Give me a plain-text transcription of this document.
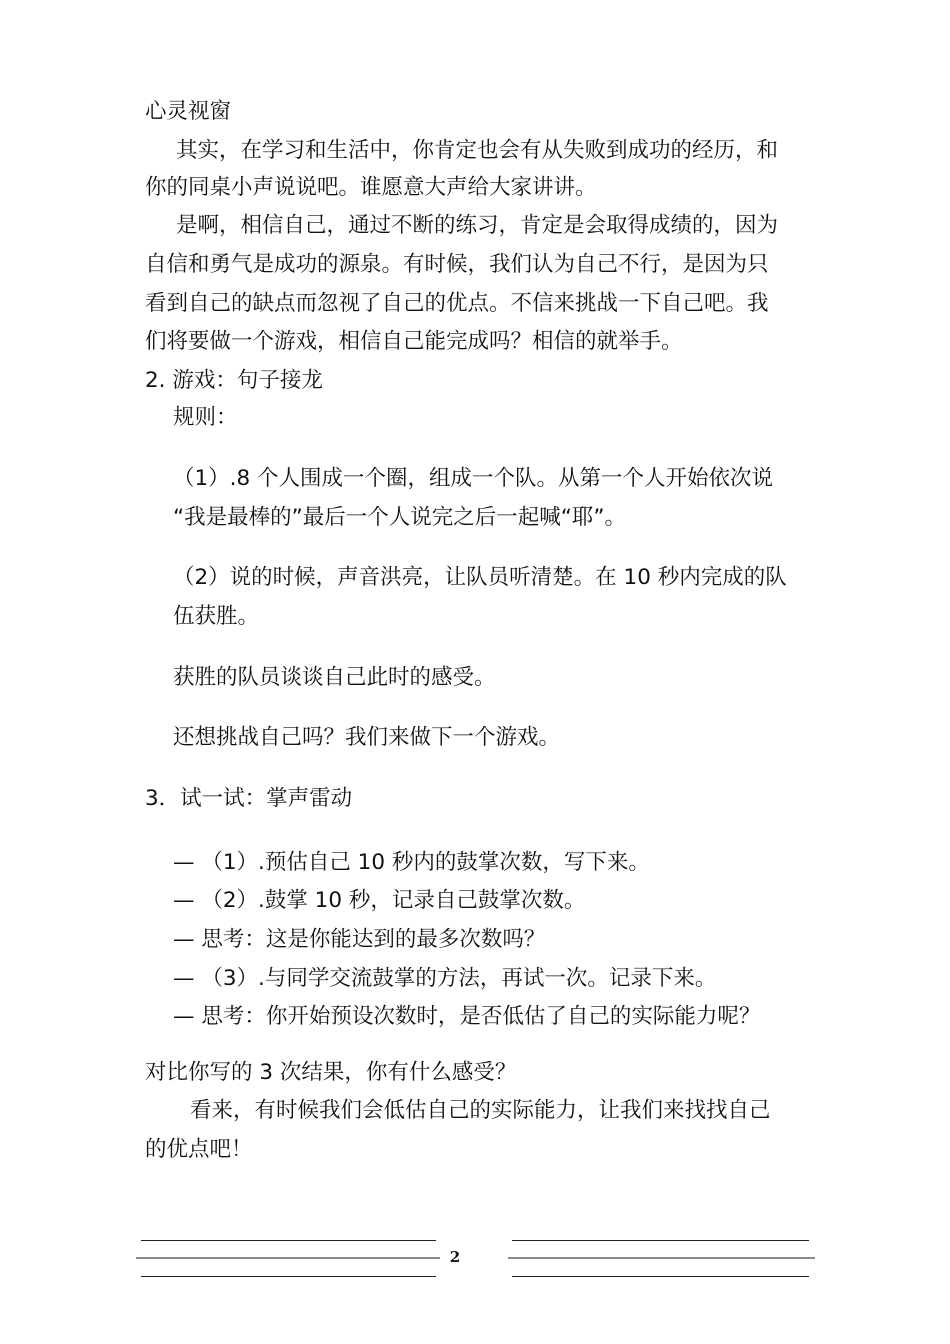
心灵视窗
其实，在学习和生活中，你肯定也会有从失败到成功的经历，和
你的同桌小声说说吧。谁愿意大声给大家讲讲。
是啊，相信自己，通过不断的练习，肯定是会取得成绩的，因为
自信和勇气是成功的源泉。有时候，我们认为自己不行，是因为只
看到自己的缺点而忽视了自己的优点。不信来挑战一下自己吧。我
们将要做一个游戏，相信自己能完成吗？相信的就举手。
2. 游戏：句子接龙
规则：
（1）.8 个人围成一个圈，组成一个队。从第一个人开始依次说
“我是最棒的”最后一个人说完之后一起喊“耶”。
（2）说的时候，声音洪亮，让队员听清楚。在 10 秒内完成的队
伍获胜。
获胜的队员谈谈自己此时的感受。
还想挑战自己吗？我们来做下一个游戏。
3．试一试：掌声雷动
— （1）.预估自己 10 秒内的鼓掌次数，写下来。
— （2）.鼓掌 10 秒，记录自己鼓掌次数。
— 思考：这是你能达到的最多次数吗？
— （3）.与同学交流鼓掌的方法，再试一次。记录下来。
— 思考：你开始预设次数时，是否低估了自己的实际能力呢？
对比你写的 3 次结果，你有什么感受？
看来，有时候我们会低估自己的实际能力，让我们来找找自己
的优点吧！
2
